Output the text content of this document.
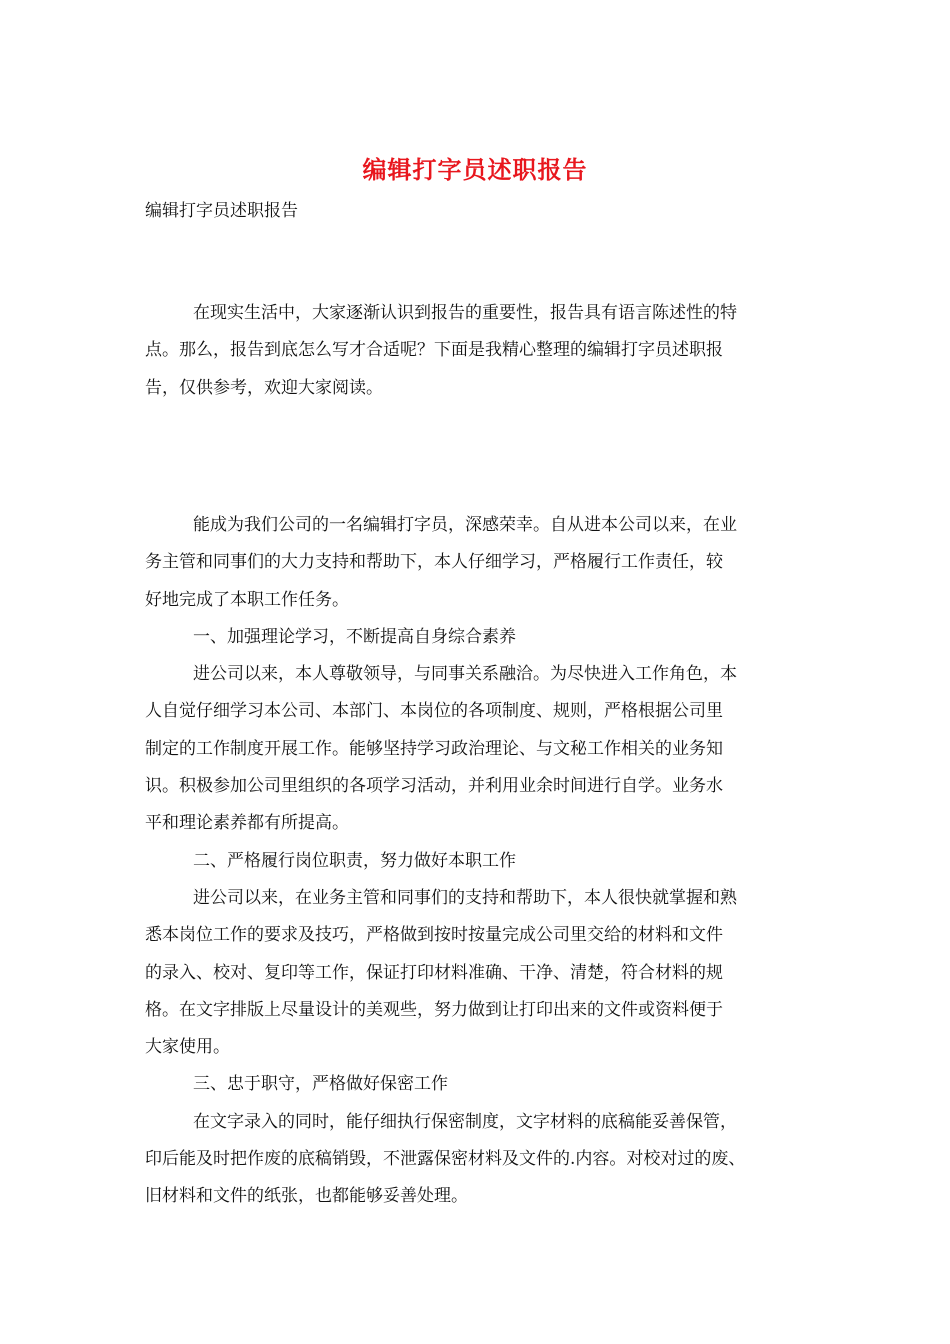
编辑打字员述职报告
编辑打字员述职报告
在现实生活中，大家逐渐认识到报告的重要性，报告具有语言陈述性的特
点。那么，报告到底怎么写才合适呢？下面是我精心整理的编辑打字员述职报
告，仅供参考，欢迎大家阅读。
能成为我们公司的一名编辑打字员，深感荣幸。自从进本公司以来，在业
务主管和同事们的大力支持和帮助下，本人仔细学习，严格履行工作责任，较
好地完成了本职工作任务。
一、加强理论学习，不断提高自身综合素养
进公司以来，本人尊敬领导，与同事关系融洽。为尽快进入工作角色，本
人自觉仔细学习本公司、本部门、本岗位的各项制度、规则，严格根据公司里
制定的工作制度开展工作。能够坚持学习政治理论、与文秘工作相关的业务知
识。积极参加公司里组织的各项学习活动，并利用业余时间进行自学。业务水
平和理论素养都有所提高。
二、严格履行岗位职责，努力做好本职工作
进公司以来，在业务主管和同事们的支持和帮助下，本人很快就掌握和熟
悉本岗位工作的要求及技巧，严格做到按时按量完成公司里交给的材料和文件
的录入、校对、复印等工作，保证打印材料准确、干净、清楚，符合材料的规
格。在文字排版上尽量设计的美观些，努力做到让打印出来的文件或资料便于
大家使用。
三、忠于职守，严格做好保密工作
在文字录入的同时，能仔细执行保密制度，文字材料的底稿能妥善保管，
印后能及时把作废的底稿销毁，不泄露保密材料及文件的.内容。对校对过的废、
旧材料和文件的纸张，也都能够妥善处理。
